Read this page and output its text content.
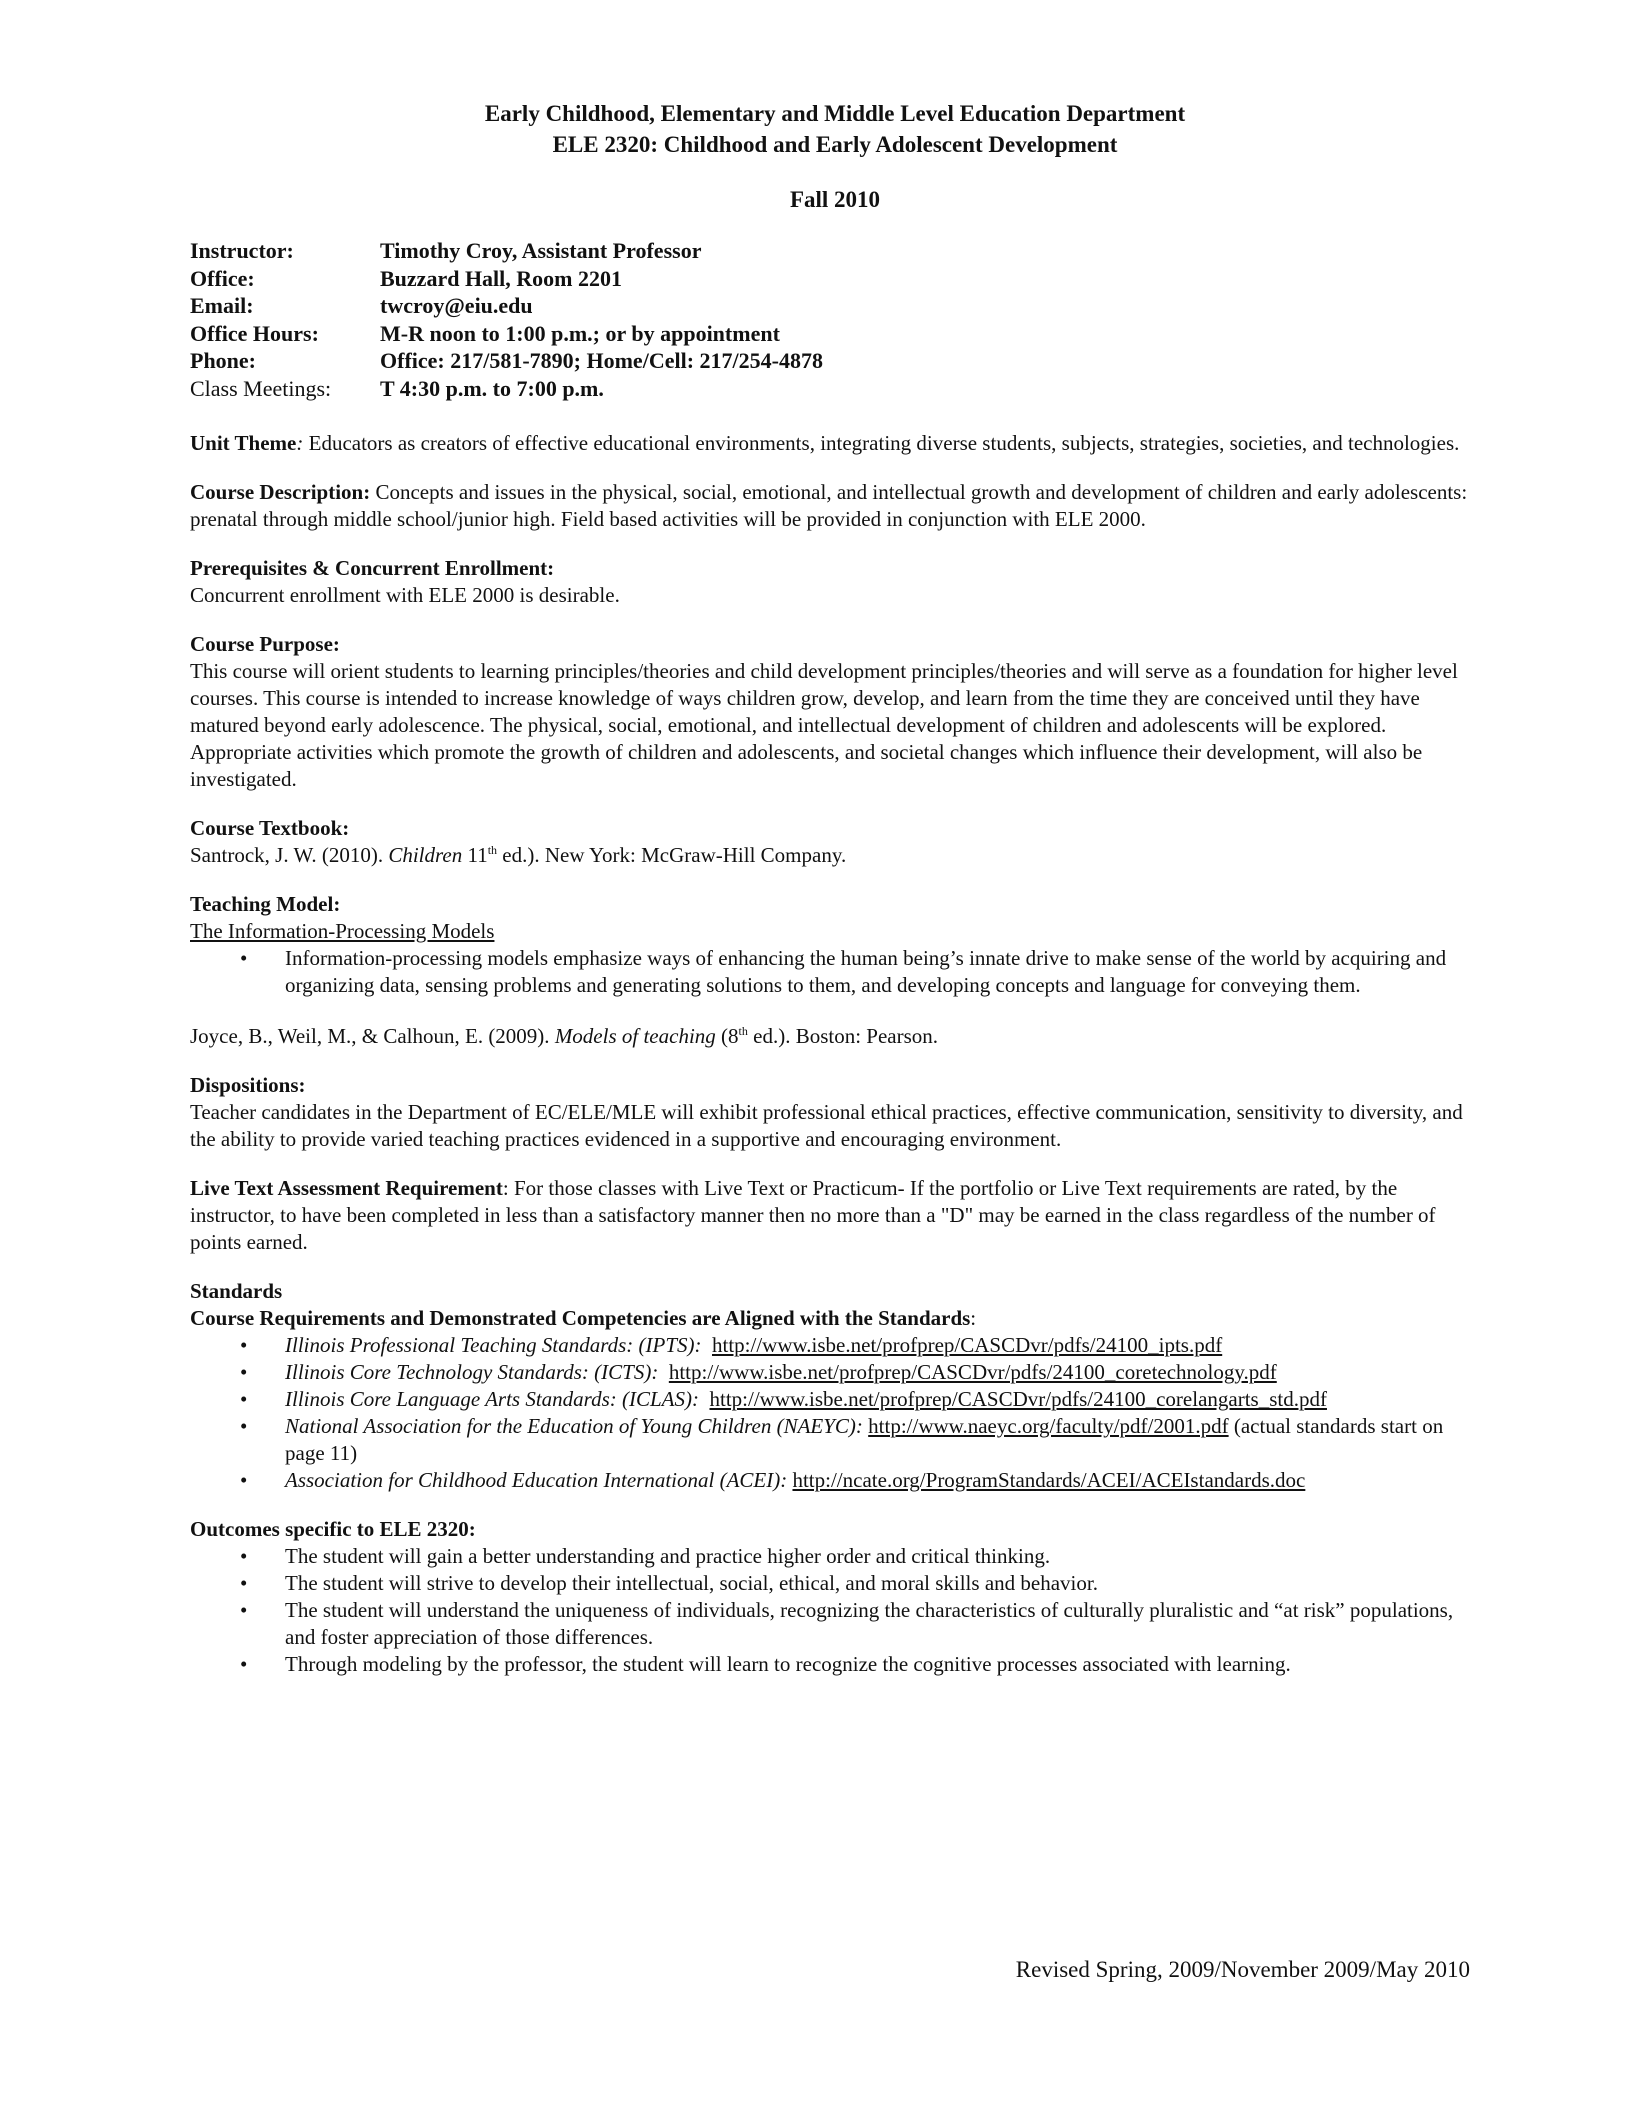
Early Childhood, Elementary and Middle Level Education Department
ELE 2320: Childhood and Early Adolescent Development
Fall 2010
Instructor:	Timothy Croy, Assistant Professor
Office:	Buzzard Hall, Room 2201
Email:	twcroy@eiu.edu
Office Hours:	M-R noon to 1:00 p.m.; or by appointment
Phone:	Office: 217/581-7890; Home/Cell: 217/254-4878
Class Meetings:	T 4:30 p.m. to 7:00 p.m.
Unit Theme: Educators as creators of effective educational environments, integrating diverse students, subjects, strategies, societies, and technologies.
Course Description: Concepts and issues in the physical, social, emotional, and intellectual growth and development of children and early adolescents: prenatal through middle school/junior high. Field based activities will be provided in conjunction with ELE 2000.
Prerequisites & Concurrent Enrollment:
Concurrent enrollment with ELE 2000 is desirable.
Course Purpose:
This course will orient students to learning principles/theories and child development principles/theories and will serve as a foundation for higher level courses. This course is intended to increase knowledge of ways children grow, develop, and learn from the time they are conceived until they have matured beyond early adolescence. The physical, social, emotional, and intellectual development of children and adolescents will be explored. Appropriate activities which promote the growth of children and adolescents, and societal changes which influence their development, will also be investigated.
Course Textbook:
Santrock, J. W. (2010). Children 11th ed.). New York: McGraw-Hill Company.
Teaching Model:
The Information-Processing Models
• Information-processing models emphasize ways of enhancing the human being’s innate drive to make sense of the world by acquiring and organizing data, sensing problems and generating solutions to them, and developing concepts and language for conveying them.
Joyce, B., Weil, M., & Calhoun, E. (2009). Models of teaching (8th ed.). Boston: Pearson.
Dispositions:
Teacher candidates in the Department of EC/ELE/MLE will exhibit professional ethical practices, effective communication, sensitivity to diversity, and the ability to provide varied teaching practices evidenced in a supportive and encouraging environment.
Live Text Assessment Requirement: For those classes with Live Text or Practicum- If the portfolio or Live Text requirements are rated, by the instructor, to have been completed in less than a satisfactory manner then no more than a "D" may be earned in the class regardless of the number of points earned.
Standards
Course Requirements and Demonstrated Competencies are Aligned with the Standards:
• Illinois Professional Teaching Standards: (IPTS): http://www.isbe.net/profprep/CASCDvr/pdfs/24100_ipts.pdf
• Illinois Core Technology Standards: (ICTS): http://www.isbe.net/profprep/CASCDvr/pdfs/24100_coretechnology.pdf
• Illinois Core Language Arts Standards: (ICLAS): http://www.isbe.net/profprep/CASCDvr/pdfs/24100_corelangarts_std.pdf
• National Association for the Education of Young Children (NAEYC): http://www.naeyc.org/faculty/pdf/2001.pdf (actual standards start on page 11)
• Association for Childhood Education International (ACEI): http://ncate.org/ProgramStandards/ACEI/ACEIstandards.doc
Outcomes specific to ELE 2320:
• The student will gain a better understanding and practice higher order and critical thinking.
• The student will strive to develop their intellectual, social, ethical, and moral skills and behavior.
• The student will understand the uniqueness of individuals, recognizing the characteristics of culturally pluralistic and “at risk” populations, and foster appreciation of those differences.
• Through modeling by the professor, the student will learn to recognize the cognitive processes associated with learning.
Revised Spring, 2009/November 2009/May 2010
